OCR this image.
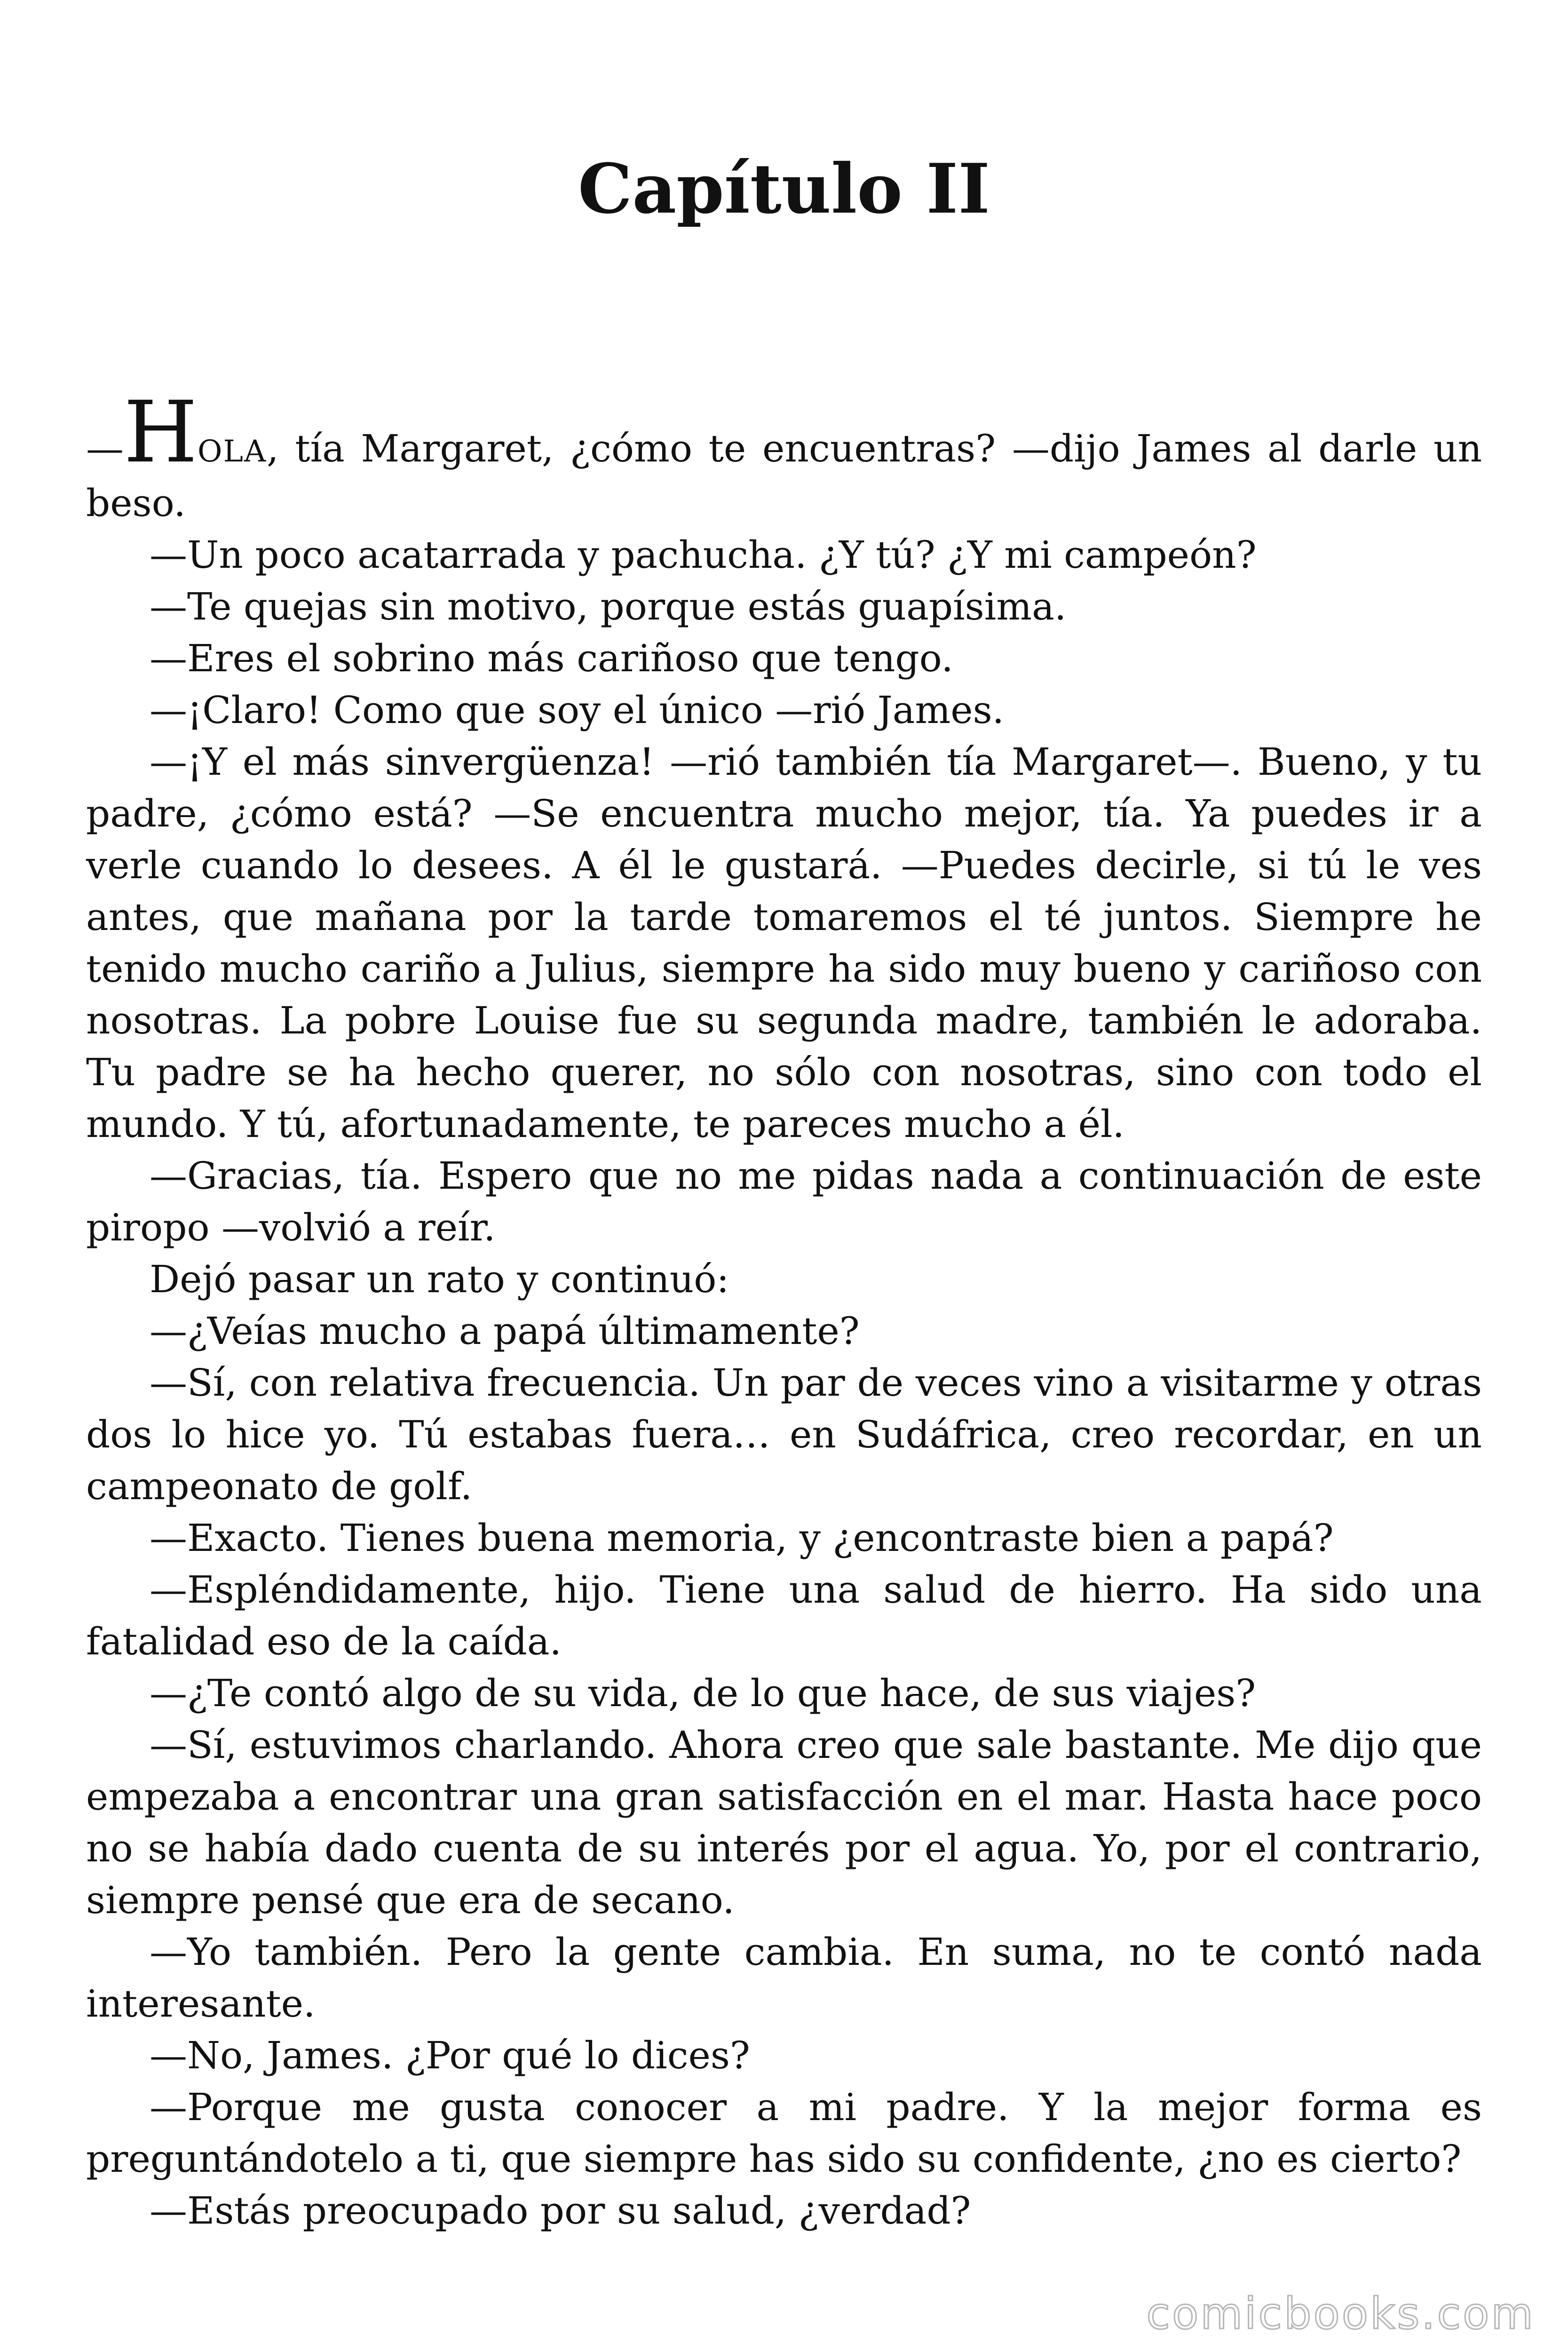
Capítulo II

—HOLA, tía Margaret, ¿cómo te encuentras? —dijo James al darle un beso.

—Un poco acatarrada y pachucha. ¿Y tú? ¿Y mi campeón?

—Te quejas sin motivo, porque estás guapísima.

—Eres el sobrino más cariñoso que tengo.

—¡Claro! Como que soy el único —rió James.

—¡Y el más sinvergüenza! —rió también tía Margaret—. Bueno, y tu padre, ¿cómo está? —Se encuentra mucho mejor, tía. Ya puedes ir a verle cuando lo desees. A él le gustará. —Puedes decirle, si tú le ves antes, que mañana por la tarde tomaremos el té juntos. Siempre he tenido mucho cariño a Julius, siempre ha sido muy bueno y cariñoso con nosotras. La pobre Louise fue su segunda madre, también le adoraba. Tu padre se ha hecho querer, no sólo con nosotras, sino con todo el mundo. Y tú, afortunadamente, te pareces mucho a él.

—Gracias, tía. Espero que no me pidas nada a continuación de este piropo —volvió a reír.

Dejó pasar un rato y continuó:

—¿Veías mucho a papá últimamente?

—Sí, con relativa frecuencia. Un par de veces vino a visitarme y otras dos lo hice yo. Tú estabas fuera… en Sudáfrica, creo recordar, en un campeonato de golf.

—Exacto. Tienes buena memoria, y ¿encontraste bien a papá?

—Espléndidamente, hijo. Tiene una salud de hierro. Ha sido una fatalidad eso de la caída.

—¿Te contó algo de su vida, de lo que hace, de sus viajes?

—Sí, estuvimos charlando. Ahora creo que sale bastante. Me dijo que empezaba a encontrar una gran satisfacción en el mar. Hasta hace poco no se había dado cuenta de su interés por el agua. Yo, por el contrario, siempre pensé que era de secano.

—Yo también. Pero la gente cambia. En suma, no te contó nada interesante.

—No, James. ¿Por qué lo dices?

—Porque me gusta conocer a mi padre. Y la mejor forma es preguntándotelo a ti, que siempre has sido su confidente, ¿no es cierto?

—Estás preocupado por su salud, ¿verdad?

comicbooks.com
